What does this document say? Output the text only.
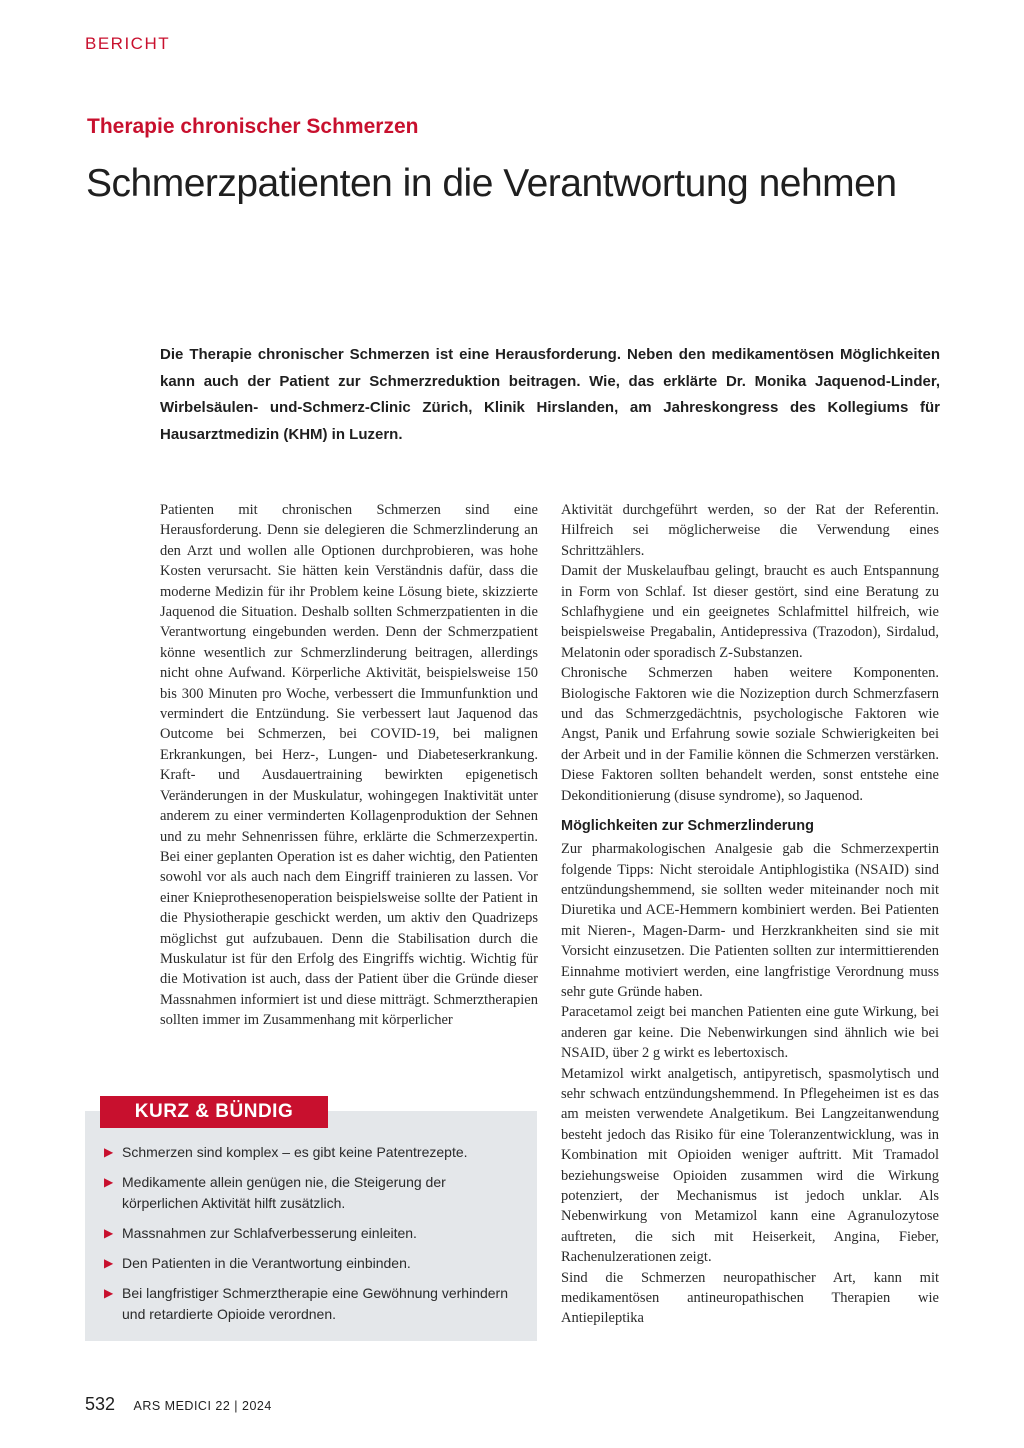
BERICHT
Therapie chronischer Schmerzen
Schmerzpatienten in die Verantwortung nehmen

Die Therapie chronischer Schmerzen ist eine Herausforderung. Neben den medikamentösen Möglichkeiten kann auch der Patient zur Schmerzreduktion beitragen. Wie, das erklärte Dr. Monika Jaquenod-Linder, Wirbelsäulen- und-Schmerz-Clinic Zürich, Klinik Hirslanden, am Jahreskongress des Kollegiums für Hausarztmedizin (KHM) in Luzern.

Patienten mit chronischen Schmerzen sind eine Herausforderung. Denn sie delegieren die Schmerzlinderung an den Arzt und wollen alle Optionen durchprobieren, was hohe Kosten verursacht. Sie hätten kein Verständnis dafür, dass die moderne Medizin für ihr Problem keine Lösung biete, skizzierte Jaquenod die Situation. Deshalb sollten Schmerzpatienten in die Verantwortung eingebunden werden. Denn der Schmerzpatient könne wesentlich zur Schmerzlinderung beitragen, allerdings nicht ohne Aufwand. Körperliche Aktivität, beispielsweise 150 bis 300 Minuten pro Woche, verbessert die Immunfunktion und vermindert die Entzündung. Sie verbessert laut Jaquenod das Outcome bei Schmerzen, bei COVID-19, bei malignen Erkrankungen, bei Herz-, Lungen- und Diabeteserkrankung. Kraft- und Ausdauertraining bewirkten epigenetisch Veränderungen in der Muskulatur, wohingegen Inaktivität unter anderem zu einer verminderten Kollagenproduktion der Sehnen und zu mehr Sehnenrissen führe, erklärte die Schmerzexpertin. Bei einer geplanten Operation ist es daher wichtig, den Patienten sowohl vor als auch nach dem Eingriff trainieren zu lassen. Vor einer Knieprothesenoperation beispielsweise sollte der Patient in die Physiotherapie geschickt werden, um aktiv den Quadrizeps möglichst gut aufzubauen. Denn die Stabilisation durch die Muskulatur ist für den Erfolg des Eingriffs wichtig. Wichtig für die Motivation ist auch, dass der Patient über die Gründe dieser Massnahmen informiert ist und diese mitträgt. Schmerztherapien sollten immer im Zusammenhang mit körperlicher

Aktivität durchgeführt werden, so der Rat der Referentin. Hilfreich sei möglicherweise die Verwendung eines Schrittzählers.

Damit der Muskelaufbau gelingt, braucht es auch Entspannung in Form von Schlaf. Ist dieser gestört, sind eine Beratung zu Schlafhygiene und ein geeignetes Schlafmittel hilfreich, wie beispielsweise Pregabalin, Antidepressiva (Trazodon), Sirdalud, Melatonin oder sporadisch Z-Substanzen.

Chronische Schmerzen haben weitere Komponenten. Biologische Faktoren wie die Nozizeption durch Schmerzfasern und das Schmerzgedächtnis, psychologische Faktoren wie Angst, Panik und Erfahrung sowie soziale Schwierigkeiten bei der Arbeit und in der Familie können die Schmerzen verstärken. Diese Faktoren sollten behandelt werden, sonst entstehe eine Dekonditionierung (disuse syndrome), so Jaquenod.

Möglichkeiten zur Schmerzlinderung

Zur pharmakologischen Analgesie gab die Schmerzexpertin folgende Tipps: Nicht steroidale Antiphlogistika (NSAID) sind entzündungshemmend, sie sollten weder miteinander noch mit Diuretika und ACE-Hemmern kombiniert werden. Bei Patienten mit Nieren-, Magen-Darm- und Herzkrankheiten sind sie mit Vorsicht einzusetzen. Die Patienten sollten zur intermittierenden Einnahme motiviert werden, eine langfristige Verordnung muss sehr gute Gründe haben.

Paracetamol zeigt bei manchen Patienten eine gute Wirkung, bei anderen gar keine. Die Nebenwirkungen sind ähnlich wie bei NSAID, über 2 g wirkt es lebertoxisch.

Metamizol wirkt analgetisch, antipyretisch, spasmolytisch und sehr schwach entzündungshemmend. In Pflegeheimen ist es das am meisten verwendete Analgetikum. Bei Langzeitanwendung besteht jedoch das Risiko für eine Toleranzentwicklung, was in Kombination mit Opioiden weniger auftritt. Mit Tramadol beziehungsweise Opioiden zusammen wird die Wirkung potenziert, der Mechanismus ist jedoch unklar. Als Nebenwirkung von Metamizol kann eine Agranulozytose auftreten, die sich mit Heiserkeit, Angina, Fieber, Rachenulzerationen zeigt.

Sind die Schmerzen neuropathischer Art, kann mit medikamentösen antineuropathischen Therapien wie Antiepileptika

KURZ & BÜNDIG
▶ Schmerzen sind komplex – es gibt keine Patentrezepte.
▶ Medikamente allein genügen nie, die Steigerung der körperlichen Aktivität hilft zusätzlich.
▶ Massnahmen zur Schlafverbesserung einleiten.
▶ Den Patienten in die Verantwortung einbinden.
▶ Bei langfristiger Schmerztherapie eine Gewöhnung verhindern und retardierte Opioide verordnen.
532 ARS MEDICI 22 | 2024
